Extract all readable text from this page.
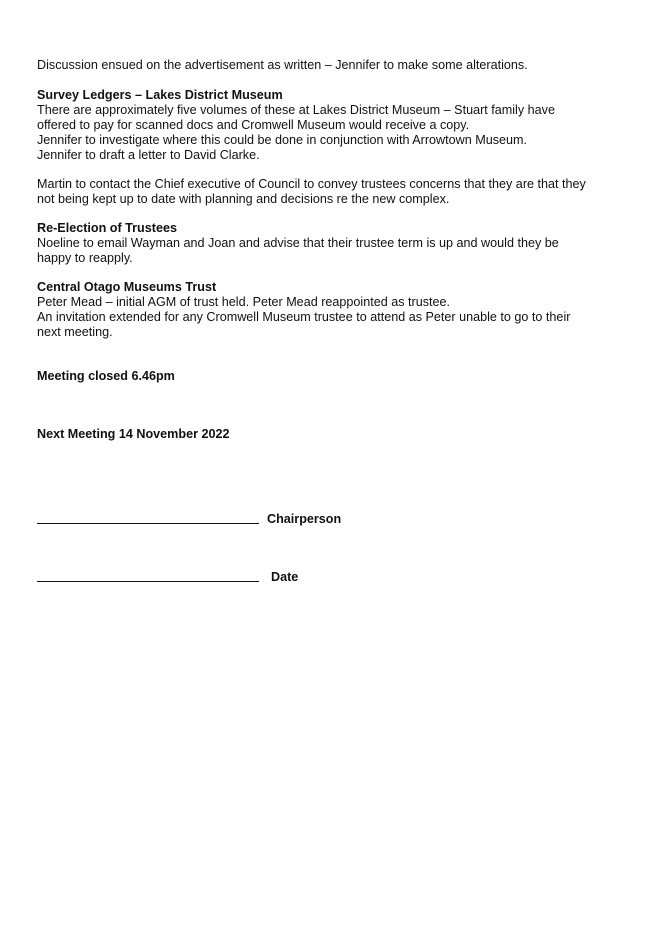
Discussion ensued on the advertisement as written – Jennifer to make some alterations.
Survey Ledgers – Lakes District Museum
There are approximately five volumes of these at Lakes District Museum – Stuart family have
offered to pay for scanned docs and Cromwell Museum would receive a copy.
Jennifer to investigate where this could be done in conjunction with Arrowtown Museum.
Jennifer to draft a letter to David Clarke.
Martin to contact the Chief executive of Council to convey trustees concerns that they are that they
not being kept up to date with planning and decisions re the new complex.
Re-Election of Trustees
Noeline to email Wayman and Joan and advise that their trustee term is up and would they be
happy to reapply.
Central Otago Museums Trust
Peter Mead – initial AGM of trust held. Peter Mead reappointed as trustee.
An invitation extended for any Cromwell Museum trustee to attend as Peter unable to go to their
next meeting.
Meeting closed 6.46pm
Next Meeting 14 November 2022
Chairperson
Date
